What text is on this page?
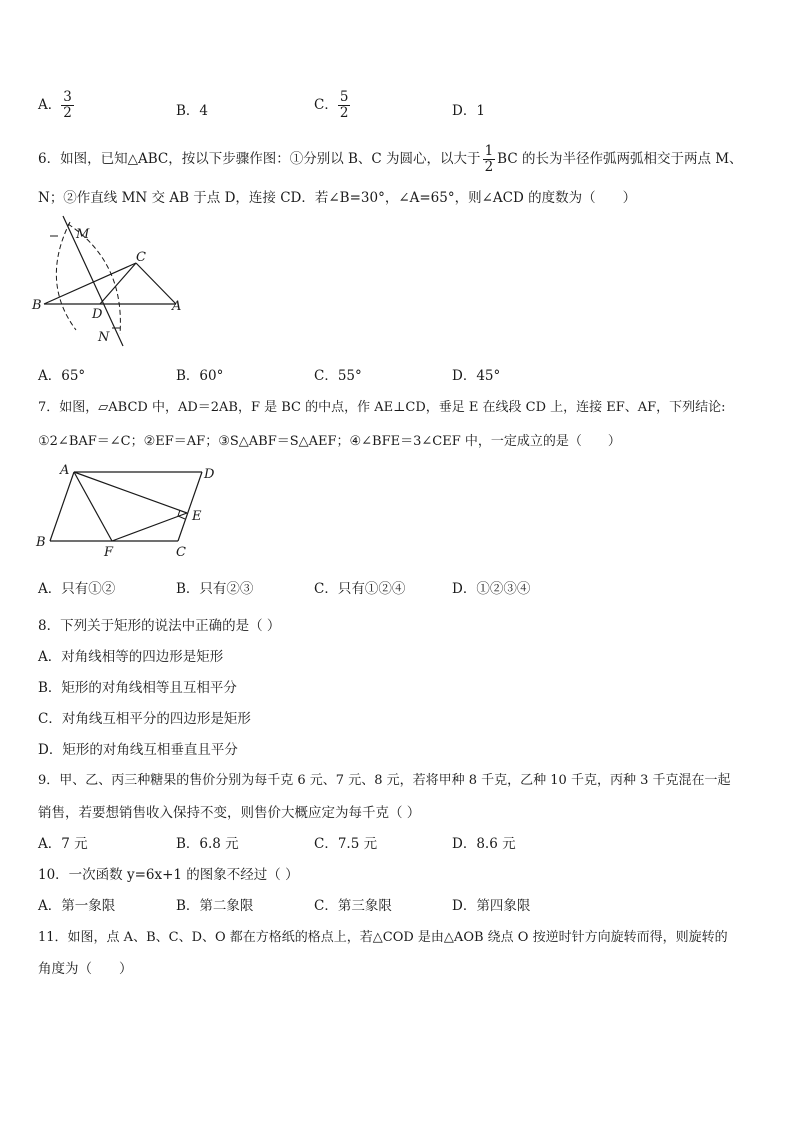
A． $\frac{3}{2}$	B．4	C． $\frac{5}{2}$	D．1
6．如图，已知△ABC，按以下步骤作图：①分别以 B、C 为圆心，以大于 $\frac{1}{2}$ BC 的长为半径作弧两弧相交于两点 M、
N；②作直线 MN 交 AB 于点 D，连接 CD．若∠B=30°，∠A=65°，则∠ACD 的度数为（　　）
M
C
B
D
A
N
A．65°	B．60°	C．55°	D．45°
7．如图，▱ABCD 中，AD＝2AB，F 是 BC 的中点，作 AE⊥CD，垂足 E 在线段 CD 上，连接 EF、AF，下列结论:
①2∠BAF＝∠C；②EF＝AF；③S△ABF＝S△AEF；④∠BFE＝3∠CEF 中，一定成立的是（　　）
A	D
E
B
F	C
A．只有①②	B．只有②③	C．只有①②④	D．①②③④
8．下列关于矩形的说法中正确的是（ ）
A．对角线相等的四边形是矩形
B．矩形的对角线相等且互相平分
C．对角线互相平分的四边形是矩形
D．矩形的对角线互相垂直且平分
9．甲、乙、丙三种糖果的售价分别为每千克 6 元、7 元、8 元，若将甲种 8 千克，乙种 10 千克，丙种 3 千克混在一起
销售，若要想销售收入保持不变，则售价大概应定为每千克（ ）
A．7 元	B．6.8 元	C．7.5 元	D．8.6 元
10．一次函数 y=6x+1 的图象不经过（ ）
A．第一象限	B．第二象限	C．第三象限	D．第四象限
11．如图，点 A、B、C、D、O 都在方格纸的格点上，若△COD 是由△AOB 绕点 O 按逆时针方向旋转而得，则旋转的
角度为（　　）
